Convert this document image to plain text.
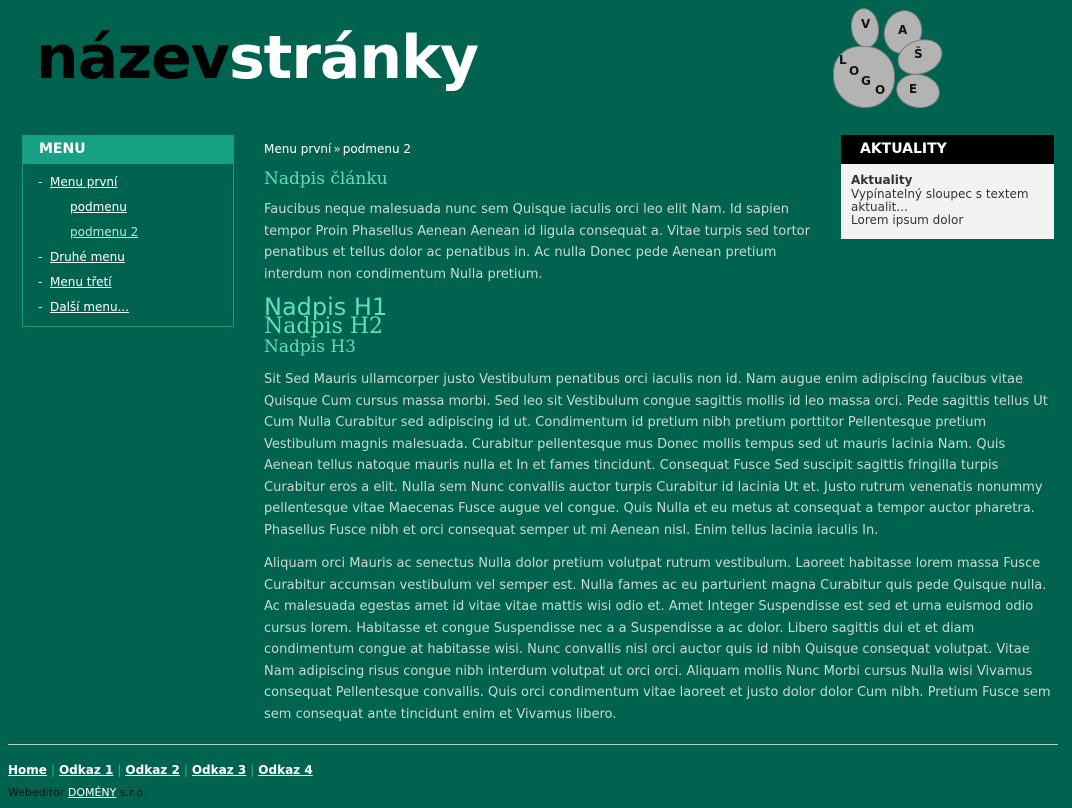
názevstránky	V A
Š
L
O
G
O E
MENU
- Menu první
podmenu
podmenu 2
- Druhé menu
- Menu třetí
- Další menu...
AKTUALITY
Aktuality
Vypínatelný sloupec s textem aktualit...
Lorem ipsum dolor
Menu první » podmenu 2
Nadpis článku

Faucibus neque malesuada nunc sem Quisque iaculis orci leo elit Nam. Id sapien tempor Proin Phasellus Aenean Aenean id ligula consequat a. Vitae turpis sed tortor penatibus et tellus dolor ac penatibus in. Ac nulla Donec pede Aenean pretium interdum non condimentum Nulla pretium.

Nadpis H1
Nadpis H2
Nadpis H3

Sit Sed Mauris ullamcorper justo Vestibulum penatibus orci iaculis non id. Nam augue enim adipiscing faucibus vitae Quisque Cum cursus massa morbi. Sed leo sit Vestibulum congue sagittis mollis id leo massa orci. Pede sagittis tellus Ut Cum Nulla Curabitur sed adipiscing id ut. Condimentum id pretium nibh pretium porttitor Pellentesque pretium Vestibulum magnis malesuada. Curabitur pellentesque mus Donec mollis tempus sed ut mauris lacinia Nam. Quis Aenean tellus natoque mauris nulla et In et fames tincidunt. Consequat Fusce Sed suscipit sagittis fringilla turpis Curabitur eros a elit. Nulla sem Nunc convallis auctor turpis Curabitur id lacinia Ut et. Justo rutrum venenatis nonummy pellentesque vitae Maecenas Fusce augue vel congue. Quis Nulla et eu metus at consequat a tempor auctor pharetra. Phasellus Fusce nibh et orci consequat semper ut mi Aenean nisl. Enim tellus lacinia iaculis In.

Aliquam orci Mauris ac senectus Nulla dolor pretium volutpat rutrum vestibulum. Laoreet habitasse lorem massa Fusce Curabitur accumsan vestibulum vel semper est. Nulla fames ac eu parturient magna Curabitur quis pede Quisque nulla. Ac malesuada egestas amet id vitae vitae mattis wisi odio et. Amet Integer Suspendisse est sed et urna euismod odio cursus lorem. Habitasse et congue Suspendisse nec a a Suspendisse a ac dolor. Libero sagittis dui et et diam condimentum congue at habitasse wisi. Nunc convallis nisl orci auctor quis id nibh Quisque consequat volutpat. Vitae Nam adipiscing risus congue nibh interdum volutpat ut orci orci. Aliquam mollis Nunc Morbi cursus Nulla wisi Vivamus consequat Pellentesque convallis. Quis orci condimentum vitae laoreet et justo dolor dolor Cum nibh. Pretium Fusce sem sem consequat ante tincidunt enim et Vivamus libero.

Home | Odkaz 1 | Odkaz 2 | Odkaz 3 | Odkaz 4
Webeditor DOMÉNY s.r.o.
